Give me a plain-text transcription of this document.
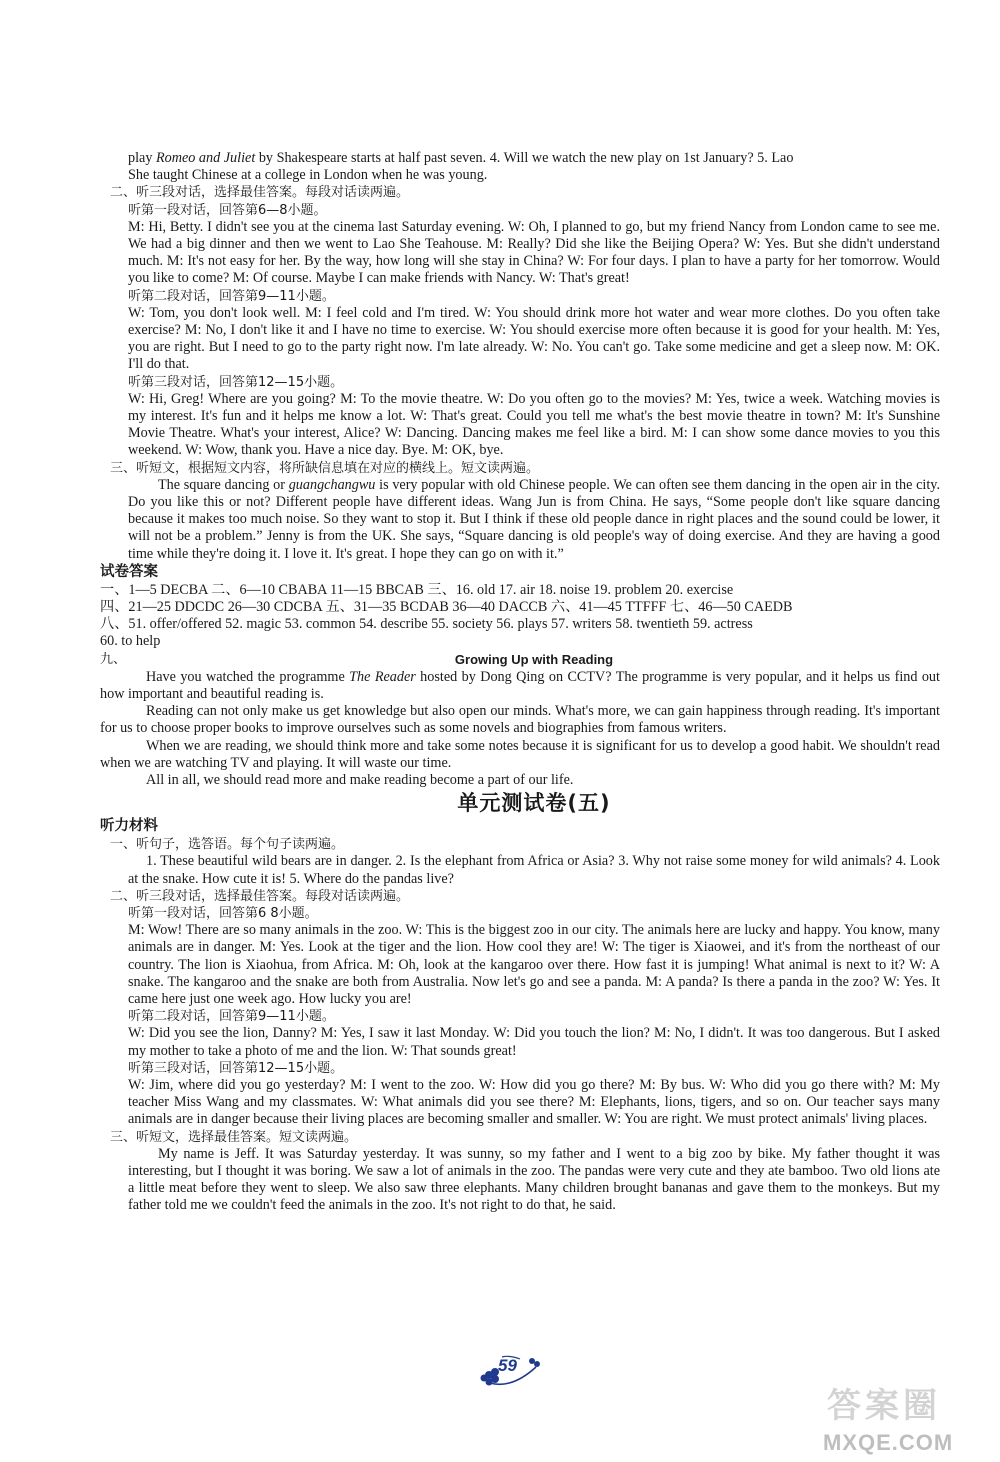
play Romeo and Juliet by Shakespeare starts at half past seven. 4. Will we watch the new play on 1st January? 5. Lao

She taught Chinese at a college in London when he was young.

二、听三段对话，选择最佳答案。每段对话读两遍。

听第一段对话，回答第6—8小题。

M: Hi, Betty. I didn't see you at the cinema last Saturday evening. W: Oh, I planned to go, but my friend Nancy from London came to see me. We had a big dinner and then we went to Lao She Teahouse. M: Really? Did she like the Beijing Opera? W: Yes. But she didn't understand much. M: It's not easy for her. By the way, how long will she stay in China? W: For four days. I plan to have a party for her tomorrow. Would you like to come? M: Of course. Maybe I can make friends with Nancy. W: That's great!

听第二段对话，回答第9—11小题。

W: Tom, you don't look well. M: I feel cold and I'm tired. W: You should drink more hot water and wear more clothes. Do you often take exercise? M: No, I don't like it and I have no time to exercise. W: You should exercise more often because it is good for your health. M: Yes, you are right. But I need to go to the party right now. I'm late already. W: No. You can't go. Take some medicine and get a sleep now. M: OK. I'll do that.

听第三段对话，回答第12—15小题。

W: Hi, Greg! Where are you going? M: To the movie theatre. W: Do you often go to the movies? M: Yes, twice a week. Watching movies is my interest. It's fun and it helps me know a lot. W: That's great. Could you tell me what's the best movie theatre in town? M: It's Sunshine Movie Theatre. What's your interest, Alice? W: Dancing. Dancing makes me feel like a bird. M: I can show some dance movies to you this weekend. W: Wow, thank you. Have a nice day. Bye. M: OK, bye.

三、听短文，根据短文内容，将所缺信息填在对应的横线上。短文读两遍。

The square dancing or guangchangwu is very popular with old Chinese people. We can often see them dancing in the open air in the city. Do you like this or not? Different people have different ideas. Wang Jun is from China. He says, “Some people don't like square dancing because it makes too much noise. So they want to stop it. But I think if these old people dance in right places and the sound could be lower, it will not be a problem.” Jenny is from the UK. She says, “Square dancing is old people's way of doing exercise. And they are having a good time while they're doing it. I love it. It's great. I hope they can go on with it.”

试卷答案

一、1—5 DECBA 二、6—10 CBABA 11—15 BBCAB 三、16. old 17. air 18. noise 19. problem 20. exercise

四、21—25 DDCDC 26—30 CDCBA 五、31—35 BCDAB 36—40 DACCB 六、41—45 TTFFF 七、46—50 CAEDB

八、51. offer/offered 52. magic 53. common 54. describe 55. society 56. plays 57. writers 58. twentieth 59. actress

60. to help

九、	Growing Up with Reading

Have you watched the programme The Reader hosted by Dong Qing on CCTV? The programme is very popular, and it helps us find out how important and beautiful reading is.

Reading can not only make us get knowledge but also open our minds. What's more, we can gain happiness through reading. It's important for us to choose proper books to improve ourselves such as some novels and biographies from famous writers.

When we are reading, we should think more and take some notes because it is significant for us to develop a good habit. We shouldn't read when we are watching TV and playing. It will waste our time.

All in all, we should read more and make reading become a part of our life.

单元测试卷(五)

听力材料

一、听句子，选答语。每个句子读两遍。

1. These beautiful wild bears are in danger. 2. Is the elephant from Africa or Asia? 3. Why not raise some money for wild animals? 4. Look at the snake. How cute it is! 5. Where do the pandas live?

二、听三段对话，选择最佳答案。每段对话读两遍。

听第一段对话，回答第6 8小题。

M: Wow! There are so many animals in the zoo. W: This is the biggest zoo in our city. The animals here are lucky and happy. You know, many animals are in danger. M: Yes. Look at the tiger and the lion. How cool they are! W: The tiger is Xiaowei, and it's from the northeast of our country. The lion is Xiaohua, from Africa. M: Oh, look at the kangaroo over there. How fast it is jumping! What animal is next to it? W: A snake. The kangaroo and the snake are both from Australia. Now let's go and see a panda. M: A panda? Is there a panda in the zoo? W: Yes. It came here just one week ago. How lucky you are!

听第二段对话，回答第9—11小题。

W: Did you see the lion, Danny? M: Yes, I saw it last Monday. W: Did you touch the lion? M: No, I didn't. It was too dangerous. But I asked my mother to take a photo of me and the lion. W: That sounds great!

听第三段对话，回答第12—15小题。

W: Jim, where did you go yesterday? M: I went to the zoo. W: How did you go there? M: By bus. W: Who did you go there with? M: My teacher Miss Wang and my classmates. W: What animals did you see there? M: Elephants, lions, tigers, and so on. Our teacher says many animals are in danger because their living places are becoming smaller and smaller. W: You are right. We must protect animals' living places.

三、听短文，选择最佳答案。短文读两遍。

My name is Jeff. It was Saturday yesterday. It was sunny, so my father and I went to a big zoo by bike. My father thought it was interesting, but I thought it was boring. We saw a lot of animals in the zoo. The pandas were very cute and they ate bamboo. Two old lions ate a little meat before they went to sleep. We also saw three elephants. Many children brought bananas and gave them to the monkeys. But my father told me we couldn't feed the animals in the zoo. It's not right to do that, he said.

59
答案圈
MXQE.COM
